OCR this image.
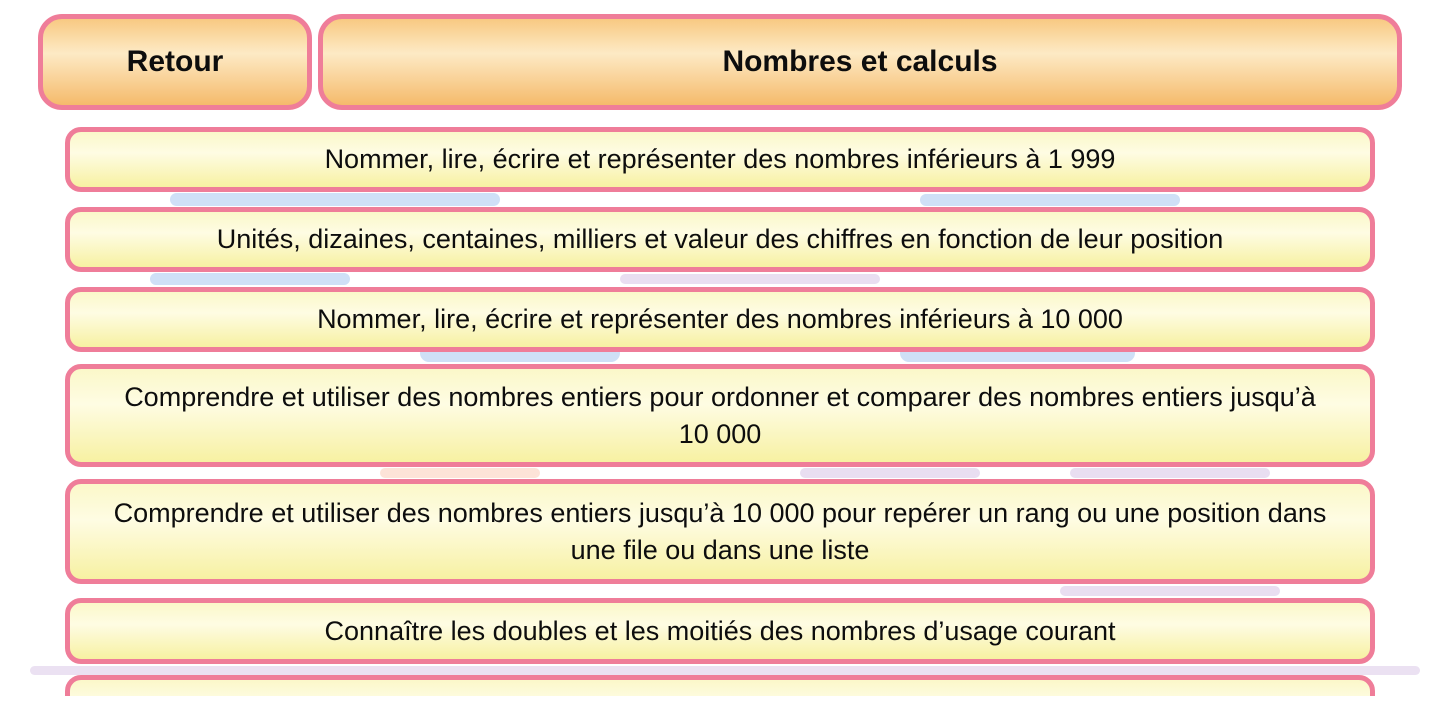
Retour	Nombres et calculs
Nommer, lire, écrire et représenter des nombres inférieurs à 1 999
Unités, dizaines, centaines, milliers et valeur des chiffres en fonction de leur position
Nommer, lire, écrire et représenter des nombres inférieurs à 10 000
Comprendre et utiliser des nombres entiers pour ordonner et comparer des nombres entiers jusqu’à 10 000
Comprendre et utiliser des nombres entiers jusqu’à 10 000 pour repérer un rang ou une position dans une file ou dans une liste
Connaître les doubles et les moitiés des nombres d’usage courant
